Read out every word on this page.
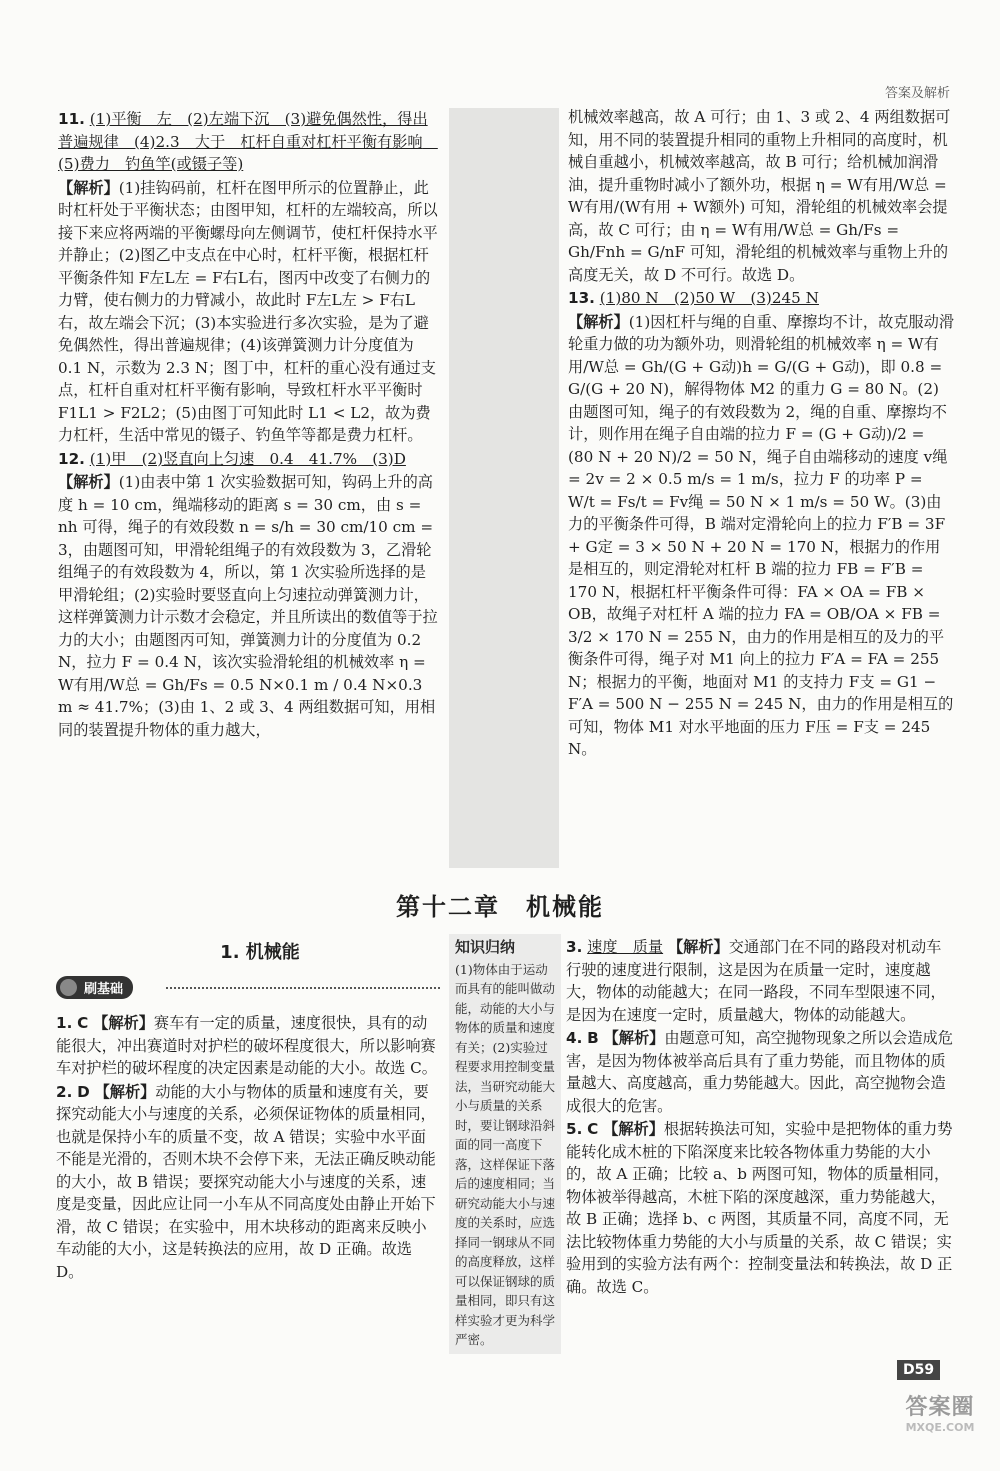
答案及解析

11. (1)平衡　左　(2)左端下沉　(3)避免偶然性，得出普遍规律　(4)2.3　大于　杠杆自重对杠杆平衡有影响　(5)费力　钓鱼竿(或镊子等)

【解析】(1)挂钩码前，杠杆在图甲所示的位置静止，此时杠杆处于平衡状态；由图甲知，杠杆的左端较高，所以接下来应将两端的平衡螺母向左侧调节，使杠杆保持水平并静止；(2)图乙中支点在中心时，杠杆平衡，根据杠杆平衡条件知 F左L左 = F右L右，图丙中改变了右侧力的力臂，使右侧力的力臂减小，故此时 F左L左 > F右L右，故左端会下沉；(3)本实验进行多次实验，是为了避免偶然性，得出普遍规律；(4)该弹簧测力计分度值为 0.1 N，示数为 2.3 N；图丁中，杠杆的重心没有通过支点，杠杆自重对杠杆平衡有影响，导致杠杆水平平衡时 F1L1 > F2L2；(5)由图丁可知此时 L1 < L2，故为费力杠杆，生活中常见的镊子、钓鱼竿等都是费力杠杆。

12. (1)甲　(2)竖直向上匀速　0.4　41.7%　(3)D

【解析】(1)由表中第 1 次实验数据可知，钩码上升的高度 h = 10 cm，绳端移动的距离 s = 30 cm，由 s = nh 可得，绳子的有效段数 n = s/h = 30 cm/10 cm = 3，由题图可知，甲滑轮组绳子的有效段数为 3，乙滑轮组绳子的有效段数为 4，所以，第 1 次实验所选择的是甲滑轮组；(2)实验时要竖直向上匀速拉动弹簧测力计，这样弹簧测力计示数才会稳定，并且所读出的数值等于拉力的大小；由题图丙可知，弹簧测力计的分度值为 0.2 N，拉力 F = 0.4 N，该次实验滑轮组的机械效率 η = W有用/W总 = Gh/Fs = 0.5 N×0.1 m / 0.4 N×0.3 m ≈ 41.7%；(3)由 1、2 或 3、4 两组数据可知，用相同的装置提升物体的重力越大，

机械效率越高，故 A 可行；由 1、3 或 2、4 两组数据可知，用不同的装置提升相同的重物上升相同的高度时，机械自重越小，机械效率越高，故 B 可行；给机械加润滑油，提升重物时减小了额外功，根据 η = W有用/W总 = W有用/(W有用 + W额外) 可知，滑轮组的机械效率会提高，故 C 可行；由 η = W有用/W总 = Gh/Fs = Gh/Fnh = G/nF 可知，滑轮组的机械效率与重物上升的高度无关，故 D 不可行。故选 D。

13. (1)80 N　(2)50 W　(3)245 N

【解析】(1)因杠杆与绳的自重、摩擦均不计，故克服动滑轮重力做的功为额外功，则滑轮组的机械效率 η = W有用/W总 = Gh/(G + G动)h = G/(G + G动)，即 0.8 = G/(G + 20 N)，解得物体 M2 的重力 G = 80 N。(2)由题图可知，绳子的有效段数为 2，绳的自重、摩擦均不计，则作用在绳子自由端的拉力 F = (G + G动)/2 = (80 N + 20 N)/2 = 50 N，绳子自由端移动的速度 v绳 = 2v = 2 × 0.5 m/s = 1 m/s，拉力 F 的功率 P = W/t = Fs/t = Fv绳 = 50 N × 1 m/s = 50 W。(3)由力的平衡条件可得，B 端对定滑轮向上的拉力 F′B = 3F + G定 = 3 × 50 N + 20 N = 170 N，根据力的作用是相互的，则定滑轮对杠杆 B 端的拉力 FB = F′B = 170 N，根据杠杆平衡条件可得：FA × OA = FB × OB，故绳子对杠杆 A 端的拉力 FA = OB/OA × FB = 3/2 × 170 N = 255 N，由力的作用是相互的及力的平衡条件可得，绳子对 M1 向上的拉力 F′A = FA = 255 N；根据力的平衡，地面对 M1 的支持力 F支 = G1 − F′A = 500 N − 255 N = 245 N，由力的作用是相互的可知，物体 M1 对水平地面的压力 F压 = F支 = 245 N。

第十二章　机械能
1. 机械能
刷基础
知识归纳
(1)物体由于运动而具有的能叫做动能，动能的大小与物体的质量和速度有关；(2)实验过程要求用控制变量法，当研究动能大小与质量的关系时，要让钢球沿斜面的同一高度下落，这样保证下落后的速度相同；当研究动能大小与速度的关系时，应选择同一钢球从不同的高度释放，这样可以保证钢球的质量相同，即只有这样实验才更为科学严密。

1. C 【解析】赛车有一定的质量，速度很快，具有的动能很大，冲出赛道时对护栏的破坏程度很大，所以影响赛车对护栏的破坏程度的决定因素是动能的大小。故选 C。

2. D 【解析】动能的大小与物体的质量和速度有关，要探究动能大小与速度的关系，必须保证物体的质量相同，也就是保持小车的质量不变，故 A 错误；实验中水平面不能是光滑的，否则木块不会停下来，无法正确反映动能的大小，故 B 错误；要探究动能大小与速度的关系，速度是变量，因此应让同一小车从不同高度处由静止开始下滑，故 C 错误；在实验中，用木块移动的距离来反映小车动能的大小，这是转换法的应用，故 D 正确。故选 D。

3. 速度　质量 【解析】交通部门在不同的路段对机动车行驶的速度进行限制，这是因为在质量一定时，速度越大，物体的动能越大；在同一路段，不同车型限速不同，是因为在速度一定时，质量越大，物体的动能越大。

4. B 【解析】由题意可知，高空抛物现象之所以会造成危害，是因为物体被举高后具有了重力势能，而且物体的质量越大、高度越高，重力势能越大。因此，高空抛物会造成很大的危害。

5. C 【解析】根据转换法可知，实验中是把物体的重力势能转化成木桩的下陷深度来比较各物体重力势能的大小的，故 A 正确；比较 a、b 两图可知，物体的质量相同，物体被举得越高，木桩下陷的深度越深，重力势能越大，故 B 正确；选择 b、c 两图，其质量不同，高度不同，无法比较物体重力势能的大小与质量的关系，故 C 错误；实验用到的实验方法有两个：控制变量法和转换法，故 D 正确。故选 C。

D59
答案圈
MXQE.COM
